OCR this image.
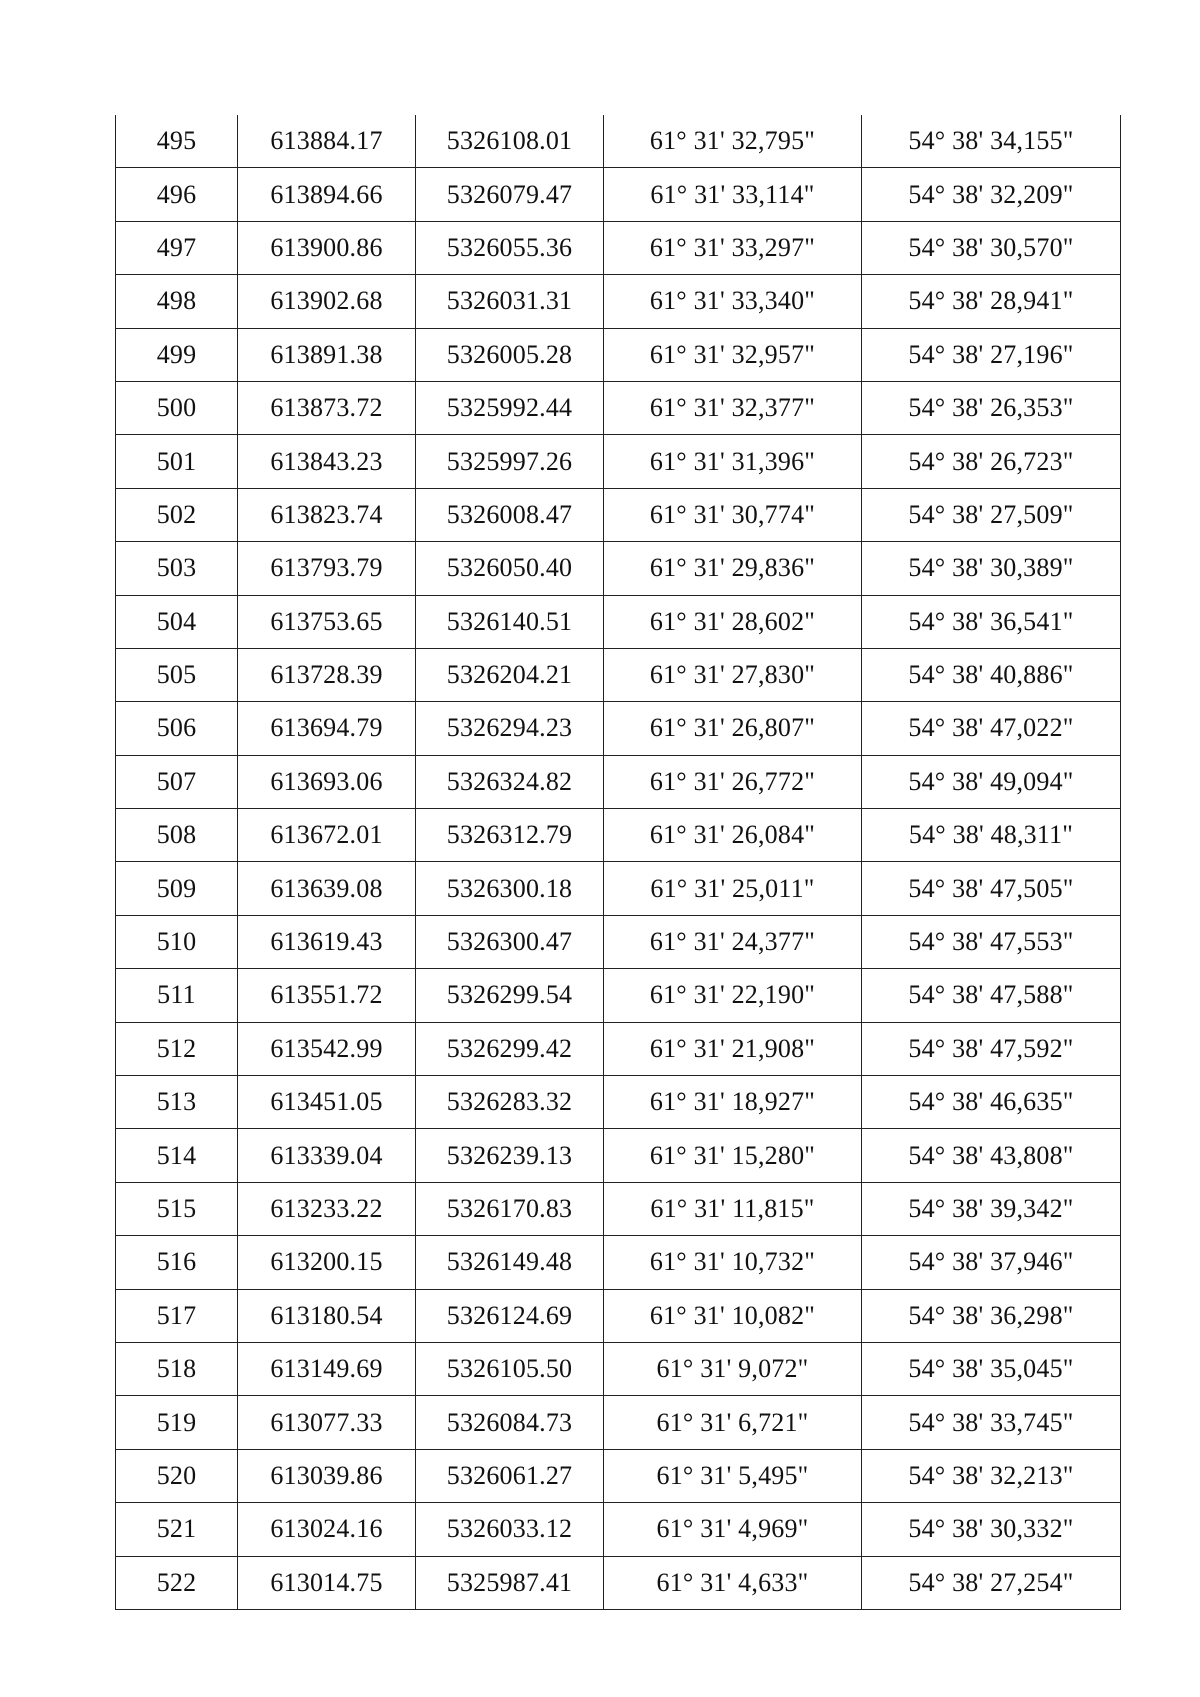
495	613884.17	5326108.01	61° 31' 32,795"	54° 38' 34,155"
496	613894.66	5326079.47	61° 31' 33,114"	54° 38' 32,209"
497	613900.86	5326055.36	61° 31' 33,297"	54° 38' 30,570"
498	613902.68	5326031.31	61° 31' 33,340"	54° 38' 28,941"
499	613891.38	5326005.28	61° 31' 32,957"	54° 38' 27,196"
500	613873.72	5325992.44	61° 31' 32,377"	54° 38' 26,353"
501	613843.23	5325997.26	61° 31' 31,396"	54° 38' 26,723"
502	613823.74	5326008.47	61° 31' 30,774"	54° 38' 27,509"
503	613793.79	5326050.40	61° 31' 29,836"	54° 38' 30,389"
504	613753.65	5326140.51	61° 31' 28,602"	54° 38' 36,541"
505	613728.39	5326204.21	61° 31' 27,830"	54° 38' 40,886"
506	613694.79	5326294.23	61° 31' 26,807"	54° 38' 47,022"
507	613693.06	5326324.82	61° 31' 26,772"	54° 38' 49,094"
508	613672.01	5326312.79	61° 31' 26,084"	54° 38' 48,311"
509	613639.08	5326300.18	61° 31' 25,011"	54° 38' 47,505"
510	613619.43	5326300.47	61° 31' 24,377"	54° 38' 47,553"
511	613551.72	5326299.54	61° 31' 22,190"	54° 38' 47,588"
512	613542.99	5326299.42	61° 31' 21,908"	54° 38' 47,592"
513	613451.05	5326283.32	61° 31' 18,927"	54° 38' 46,635"
514	613339.04	5326239.13	61° 31' 15,280"	54° 38' 43,808"
515	613233.22	5326170.83	61° 31' 11,815"	54° 38' 39,342"
516	613200.15	5326149.48	61° 31' 10,732"	54° 38' 37,946"
517	613180.54	5326124.69	61° 31' 10,082"	54° 38' 36,298"
518	613149.69	5326105.50	61° 31' 9,072"	54° 38' 35,045"
519	613077.33	5326084.73	61° 31' 6,721"	54° 38' 33,745"
520	613039.86	5326061.27	61° 31' 5,495"	54° 38' 32,213"
521	613024.16	5326033.12	61° 31' 4,969"	54° 38' 30,332"
522	613014.75	5325987.41	61° 31' 4,633"	54° 38' 27,254"
